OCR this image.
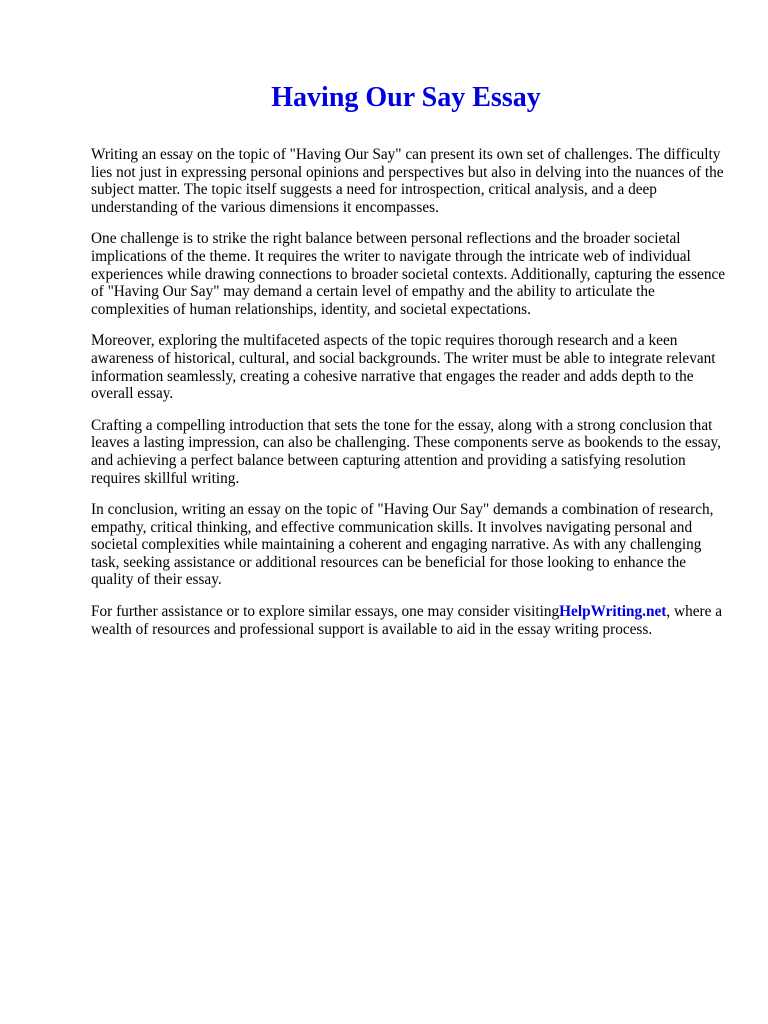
Having Our Say Essay

Writing an essay on the topic of "Having Our Say" can present its own set of challenges. The difficulty lies not just in expressing personal opinions and perspectives but also in delving into the nuances of the subject matter. The topic itself suggests a need for introspection, critical analysis, and a deep understanding of the various dimensions it encompasses.

One challenge is to strike the right balance between personal reflections and the broader societal implications of the theme. It requires the writer to navigate through the intricate web of individual experiences while drawing connections to broader societal contexts. Additionally, capturing the essence of "Having Our Say" may demand a certain level of empathy and the ability to articulate the complexities of human relationships, identity, and societal expectations.

Moreover, exploring the multifaceted aspects of the topic requires thorough research and a keen awareness of historical, cultural, and social backgrounds. The writer must be able to integrate relevant information seamlessly, creating a cohesive narrative that engages the reader and adds depth to the overall essay.

Crafting a compelling introduction that sets the tone for the essay, along with a strong conclusion that leaves a lasting impression, can also be challenging. These components serve as bookends to the essay, and achieving a perfect balance between capturing attention and providing a satisfying resolution requires skillful writing.

In conclusion, writing an essay on the topic of "Having Our Say" demands a combination of research, empathy, critical thinking, and effective communication skills. It involves navigating personal and societal complexities while maintaining a coherent and engaging narrative. As with any challenging task, seeking assistance or additional resources can be beneficial for those looking to enhance the quality of their essay.

For further assistance or to explore similar essays, one may consider visitingHelpWriting.net, where a wealth of resources and professional support is available to aid in the essay writing process.
